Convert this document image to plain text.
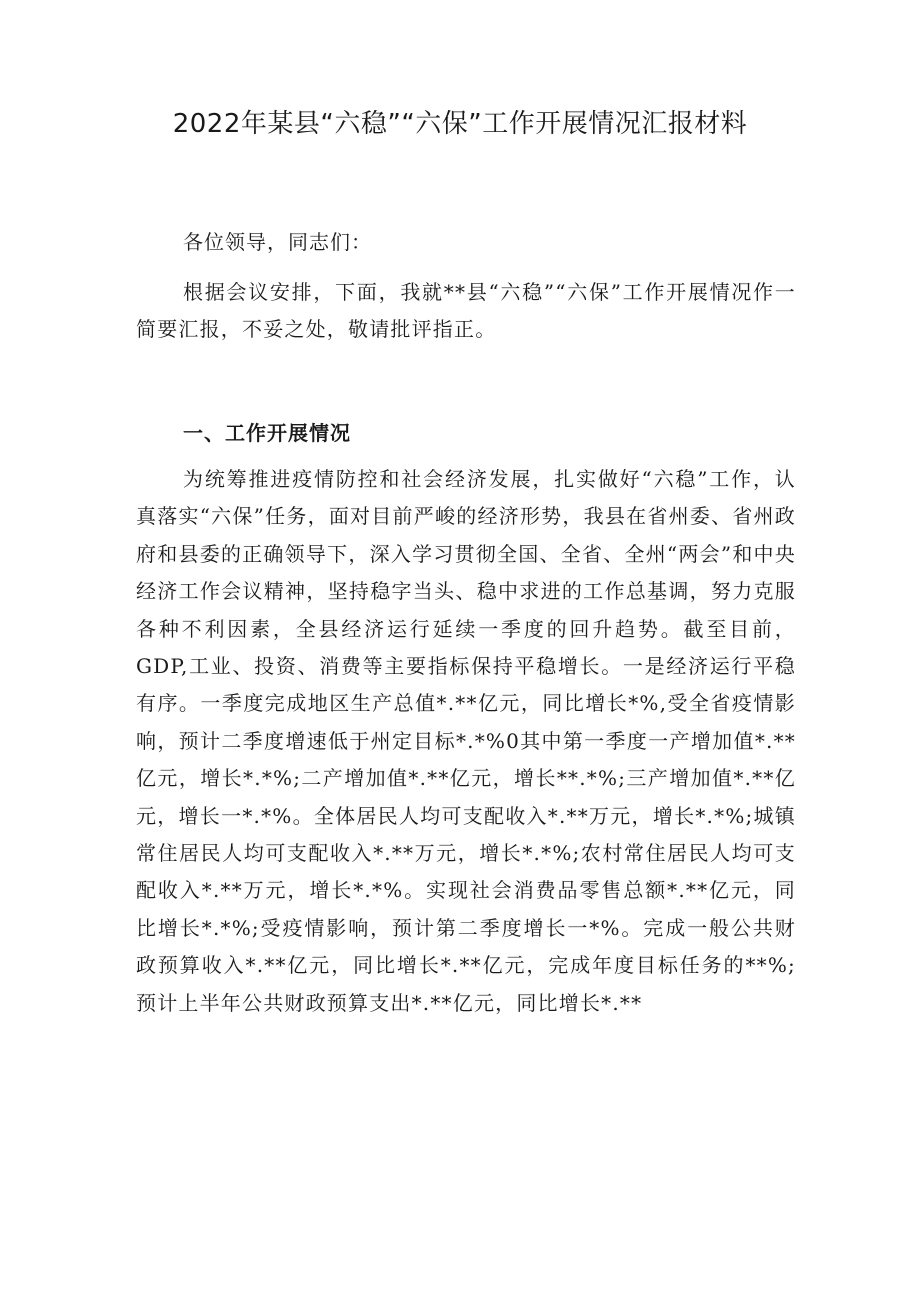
2022年某县“六稳”“六保”工作开展情况汇报材料

各位领导，同志们：

根据会议安排，下面，我就**县“六稳”“六保”工作开展情况作一简要汇报，不妥之处，敬请批评指正。

一、工作开展情况

为统筹推进疫情防控和社会经济发展，扎实做好“六稳”工作，认真落实“六保”任务，面对目前严峻的经济形势，我县在省州委、省州政府和县委的正确领导下，深入学习贯彻全国、全省、全州“两会”和中央经济工作会议精神，坚持稳字当头、稳中求进的工作总基调，努力克服各种不利因素，全县经济运行延续一季度的回升趋势。截至目前，GDP,工业、投资、消费等主要指标保持平稳增长。一是经济运行平稳有序。一季度完成地区生产总值*.**亿元，同比增长*%,受全省疫情影响，预计二季度增速低于州定目标*.*%0其中第一季度一产增加值*.**亿元，增长*.*%;二产增加值*.**亿元，增长**.*%;三产增加值*.**亿元，增长一*.*%。全体居民人均可支配收入*.**万元，增长*.*%;城镇常住居民人均可支配收入*.**万元，增长*.*%;农村常住居民人均可支配收入*.**万元，增长*.*%。实现社会消费品零售总额*.**亿元，同比增长*.*%;受疫情影响，预计第二季度增长一*%。完成一般公共财政预算收入*.**亿元，同比增长*.**亿元，完成年度目标任务的**%;预计上半年公共财政预算支出*.**亿元，同比增长*.**
